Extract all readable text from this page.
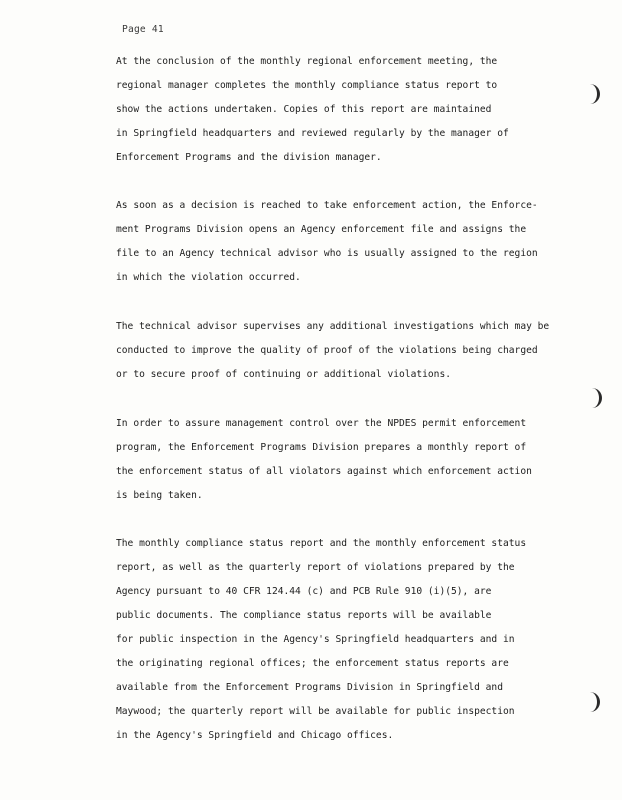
Page 41
At the conclusion of the monthly regional enforcement meeting, the
regional manager completes the monthly compliance status report to
show the actions undertaken. Copies of this report are maintained
in Springfield headquarters and reviewed regularly by the manager of
Enforcement Programs and the division manager.
As soon as a decision is reached to take enforcement action, the Enforce-
ment Programs Division opens an Agency enforcement file and assigns the
file to an Agency technical advisor who is usually assigned to the region
in which the violation occurred.
The technical advisor supervises any additional investigations which may be
conducted to improve the quality of proof of the violations being charged
or to secure proof of continuing or additional violations.
In order to assure management control over the NPDES permit enforcement
program, the Enforcement Programs Division prepares a monthly report of
the enforcement status of all violators against which enforcement action
is being taken.
The monthly compliance status report and the monthly enforcement status
report, as well as the quarterly report of violations prepared by the
Agency pursuant to 40 CFR 124.44 (c) and PCB Rule 910 (i)(5), are
public documents. The compliance status reports will be available
for public inspection in the Agency's Springfield headquarters and in
the originating regional offices; the enforcement status reports are
available from the Enforcement Programs Division in Springfield and
Maywood; the quarterly report will be available for public inspection
in the Agency's Springfield and Chicago offices.
